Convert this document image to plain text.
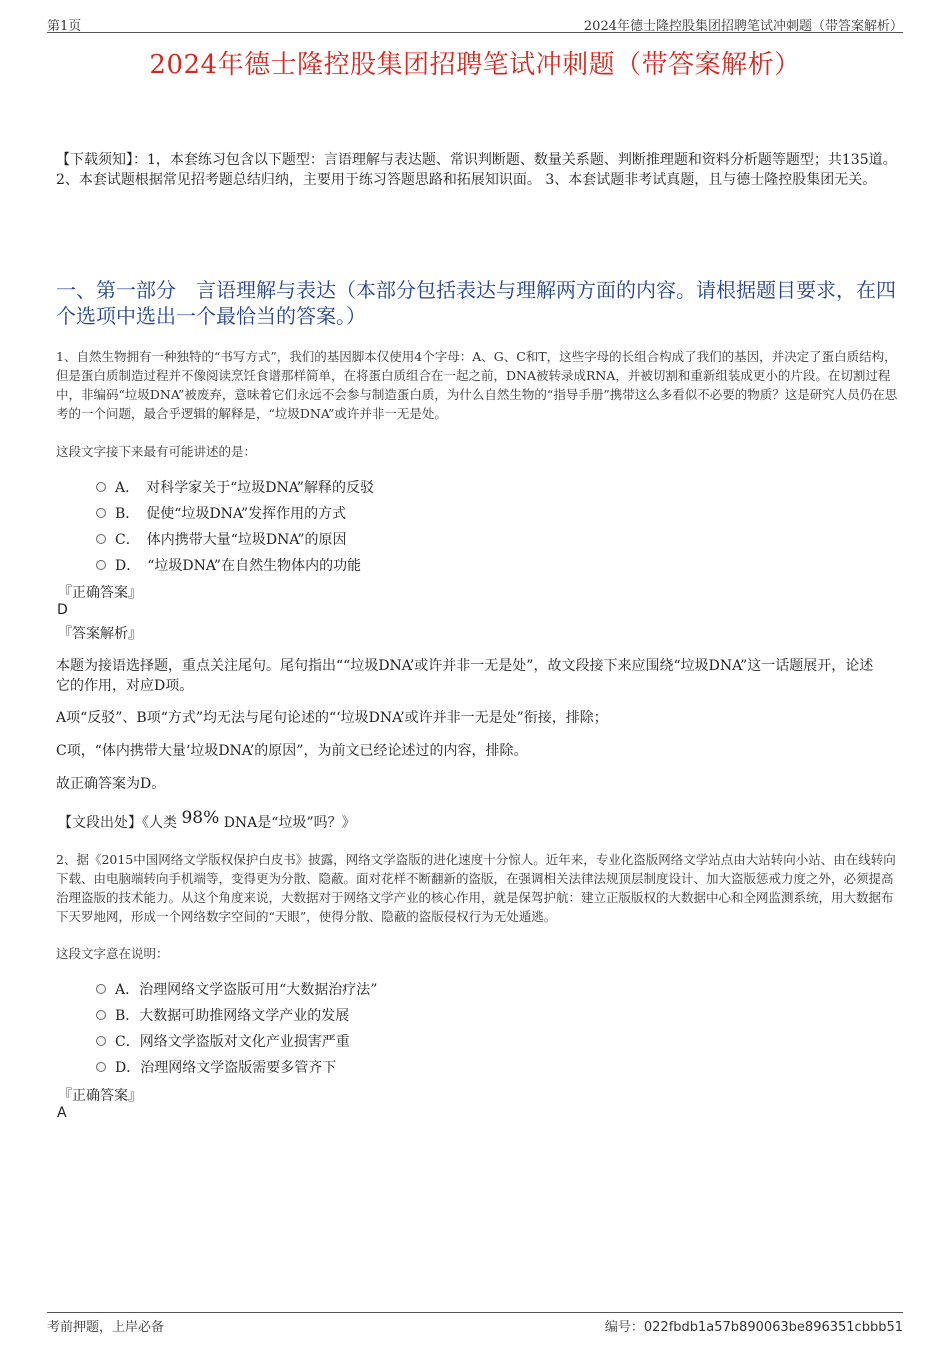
第1页	2024年德士隆控股集团招聘笔试冲刺题（带答案解析）
2024年德士隆控股集团招聘笔试冲刺题（带答案解析）
【下载须知】：1，本套练习包含以下题型：言语理解与表达题、常识判断题、数量关系题、判断推理题和资料分析题等题型；共135道。 2、本套试题根据常见招考题总结归纳，主要用于练习答题思路和拓展知识面。 3、本套试题非考试真题，且与德士隆控股集团无关。
一、第一部分　言语理解与表达（本部分包括表达与理解两方面的内容。请根据题目要求，在四个选项中选出一个最恰当的答案。）
1、自然生物拥有一种独特的“书写方式”，我们的基因脚本仅使用4个字母：A、G、C和T，这些字母的长组合构成了我们的基因，并决定了蛋白质结构，但是蛋白质制造过程并不像阅读烹饪食谱那样简单，在将蛋白质组合在一起之前，DNA被转录成RNA，并被切割和重新组装成更小的片段。在切割过程中，非编码“垃圾DNA”被废弃，意味着它们永远不会参与制造蛋白质，为什么自然生物的“指导手册”携带这么多看似不必要的物质？这是研究人员仍在思考的一个问题，最合乎逻辑的解释是，“垃圾DNA”或许并非一无是处。
这段文字接下来最有可能讲述的是：
A．　对科学家关于“垃圾DNA”解释的反驳
B．　促使“垃圾DNA”发挥作用的方式
C．　体内携带大量“垃圾DNA”的原因
D．　“垃圾DNA”在自然生物体内的功能
『正确答案』
D
『答案解析』
本题为接语选择题，重点关注尾句。尾句指出““垃圾DNA’或许并非一无是处”，故文段接下来应围绕“垃圾DNA”这一话题展开，论述它的作用，对应D项。
A项“反驳”、B项“方式”均无法与尾句论述的“‘垃圾DNA’或许并非一无是处”衔接，排除；
C项，“体内携带大量‘垃圾DNA’的原因”，为前文已经论述过的内容，排除。
故正确答案为D。
【文段出处】《人类 98% DNA是“垃圾”吗？》
2、据《2015中国网络文学版权保护白皮书》披露，网络文学盗版的进化速度十分惊人。近年来，专业化盗版网络文学站点由大站转向小站、由在线转向下载、由电脑端转向手机端等，变得更为分散、隐蔽。面对花样不断翻新的盗版，在强调相关法律法规顶层制度设计、加大盗版惩戒力度之外，必须提高治理盗版的技术能力。从这个角度来说，大数据对于网络文学产业的核心作用，就是保驾护航：建立正版版权的大数据中心和全网监测系统，用大数据布下天罗地网，形成一个网络数字空间的“天眼”，使得分散、隐蔽的盗版侵权行为无处遁逃。
这段文字意在说明：
A．治理网络文学盗版可用“大数据治疗法”
B．大数据可助推网络文学产业的发展
C．网络文学盗版对文化产业损害严重
D．治理网络文学盗版需要多管齐下
『正确答案』
A
考前押题，上岸必备	编号：022fbdb1a57b890063be896351cbbb51
